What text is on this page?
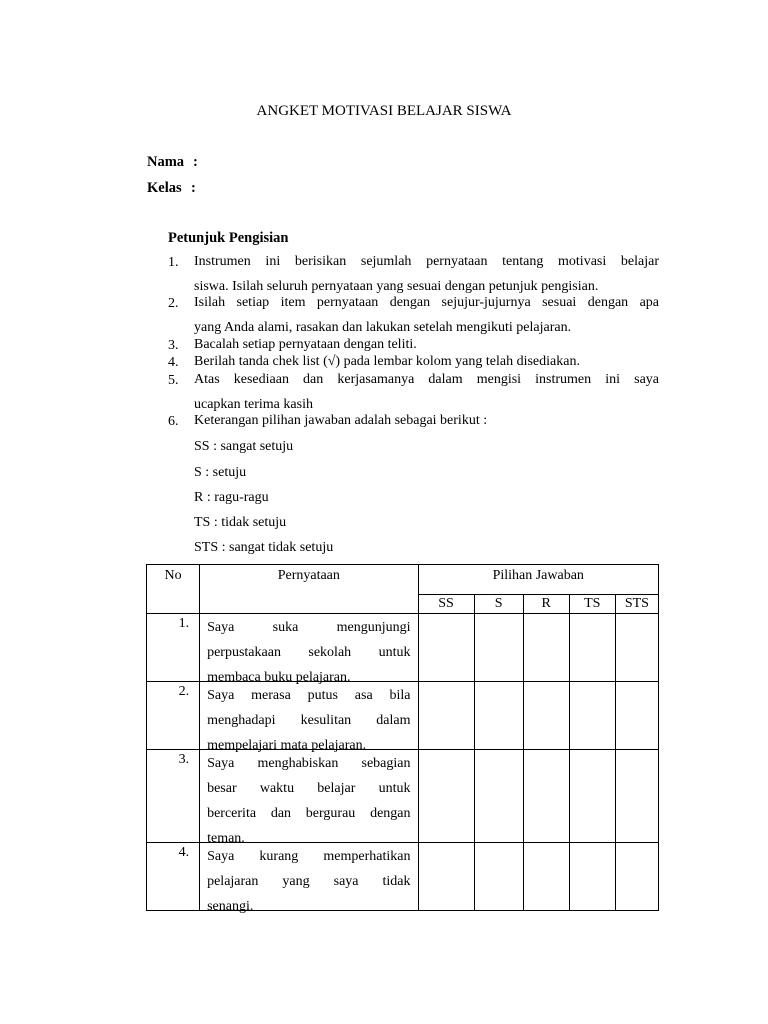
ANGKET MOTIVASI BELAJAR SISWA
Nama :
Kelas :
Petunjuk Pengisian
1. Instrumen ini berisikan sejumlah pernyataan tentang motivasi belajar
siswa. Isilah seluruh pernyataan yang sesuai dengan petunjuk pengisian.
2. Isilah setiap item pernyataan dengan sejujur-jujurnya sesuai dengan apa
yang Anda alami, rasakan dan lakukan setelah mengikuti pelajaran.
3. Bacalah setiap pernyataan dengan teliti.
4. Berilah tanda chek list (√) pada lembar kolom yang telah disediakan.
5. Atas kesediaan dan kerjasamanya dalam mengisi instrumen ini saya
ucapkan terima kasih
6. Keterangan pilihan jawaban adalah sebagai berikut :
SS : sangat setuju
S : setuju
R : ragu-ragu
TS : tidak setuju
STS : sangat tidak setuju
No	Pernyataan	Pilihan Jawaban				
		SS	S	R	TS	STS
1.	Saya suka mengunjungi
perpustakaan sekolah untuk
membaca buku pelajaran.					

2.	Saya merasa putus asa bila
menghadapi kesulitan dalam
mempelajari mata pelajaran.					

3.	Saya menghabiskan sebagian
besar waktu belajar untuk
bercerita dan bergurau dengan
teman.					

4.	Saya kurang memperhatikan
pelajaran yang saya tidak
senangi.					
